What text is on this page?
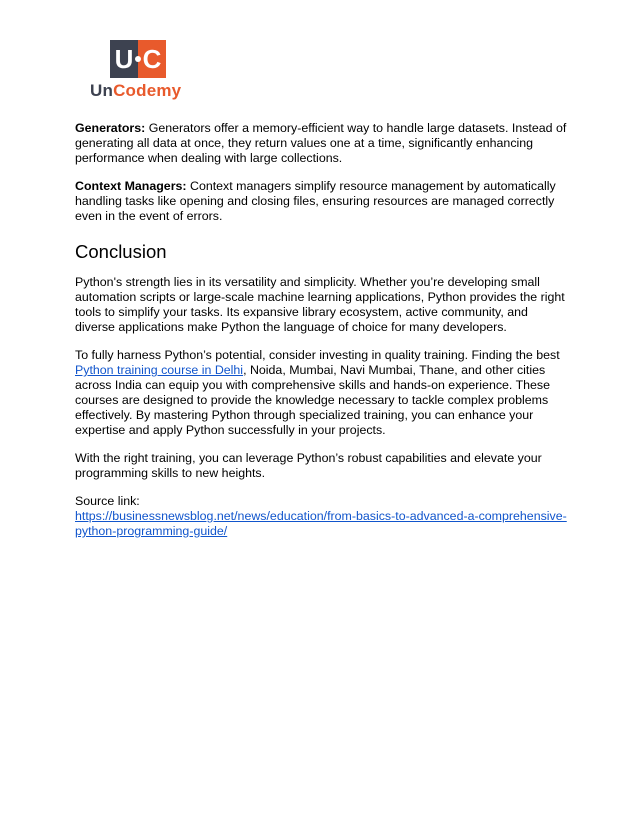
U C
UnCodemy

Generators: Generators offer a memory-efficient way to handle large datasets. Instead of generating all data at once, they return values one at a time, significantly enhancing performance when dealing with large collections.

Context Managers: Context managers simplify resource management by automatically handling tasks like opening and closing files, ensuring resources are managed correctly even in the event of errors.

Conclusion

Python's strength lies in its versatility and simplicity. Whether you’re developing small automation scripts or large-scale machine learning applications, Python provides the right tools to simplify your tasks. Its expansive library ecosystem, active community, and diverse applications make Python the language of choice for many developers.

To fully harness Python’s potential, consider investing in quality training. Finding the best Python training course in Delhi, Noida, Mumbai, Navi Mumbai, Thane, and other cities across India can equip you with comprehensive skills and hands-on experience. These courses are designed to provide the knowledge necessary to tackle complex problems effectively. By mastering Python through specialized training, you can enhance your expertise and apply Python successfully in your projects.

With the right training, you can leverage Python’s robust capabilities and elevate your programming skills to new heights.

Source link:
https://businessnewsblog.net/news/education/from-basics-to-advanced-a-comprehensive-python-programming-guide/
